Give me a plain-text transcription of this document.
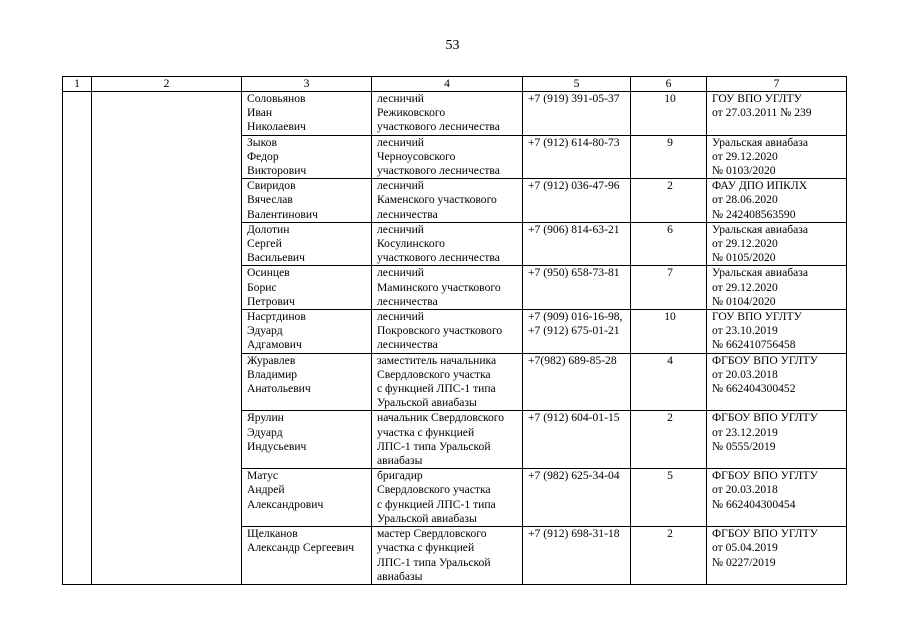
53
1	2	3	4	5	6	7

		Соловьянов
Иван
Николаевич	лесничий
Режиковского
участкового лесничества	+7 (919) 391-05-37	10	ГОУ ВПО УГЛТУ
от 27.03.2011 № 239

		Зыков
Федор
Викторович	лесничий
Черноусовского
участкового лесничества	+7 (912) 614-80-73	9	Уральская авиабаза
от 29.12.2020
№ 0103/2020

		Свиридов
Вячеслав
Валентинович	лесничий
Каменского участкового
лесничества	+7 (912) 036-47-96	2	ФАУ ДПО ИПКЛХ
от 28.06.2020
№ 242408563590

		Долотин
Сергей
Васильевич	лесничий
Косулинского
участкового лесничества	+7 (906) 814-63-21	6	Уральская авиабаза
от 29.12.2020
№ 0105/2020

		Осинцев
Борис
Петрович	лесничий
Маминского участкового
лесничества	+7 (950) 658-73-81	7	Уральская авиабаза
от 29.12.2020
№ 0104/2020

		Насртдинов
Эдуард
Адгамович	лесничий
Покровского участкового
лесничества	+7 (909) 016-16-98,
+7 (912) 675-01-21	10	ГОУ ВПО УГЛТУ
от 23.10.2019
№ 662410756458

		Журавлев
Владимир
Анатольевич	заместитель начальника
Свердловского участка
с функцией ЛПС-1 типа
Уральской авиабазы	+7(982) 689-85-28	4	ФГБОУ ВПО УГЛТУ
от 20.03.2018
№ 662404300452

		Ярулин
Эдуард
Индусьевич	начальник Свердловского
участка с функцией
ЛПС-1 типа Уральской
авиабазы	+7 (912) 604-01-15	2	ФГБОУ ВПО УГЛТУ
от 23.12.2019
№ 0555/2019

		Матус
Андрей
Александрович	бригадир
Свердловского участка
с функцией ЛПС-1 типа
Уральской авиабазы	+7 (982) 625-34-04	5	ФГБОУ ВПО УГЛТУ
от 20.03.2018
№ 662404300454

		Щелканов
Александр Сергеевич	мастер Свердловского
участка с функцией
ЛПС-1 типа Уральской
авиабазы	+7 (912) 698-31-18	2	ФГБОУ ВПО УГЛТУ
от 05.04.2019
№ 0227/2019
